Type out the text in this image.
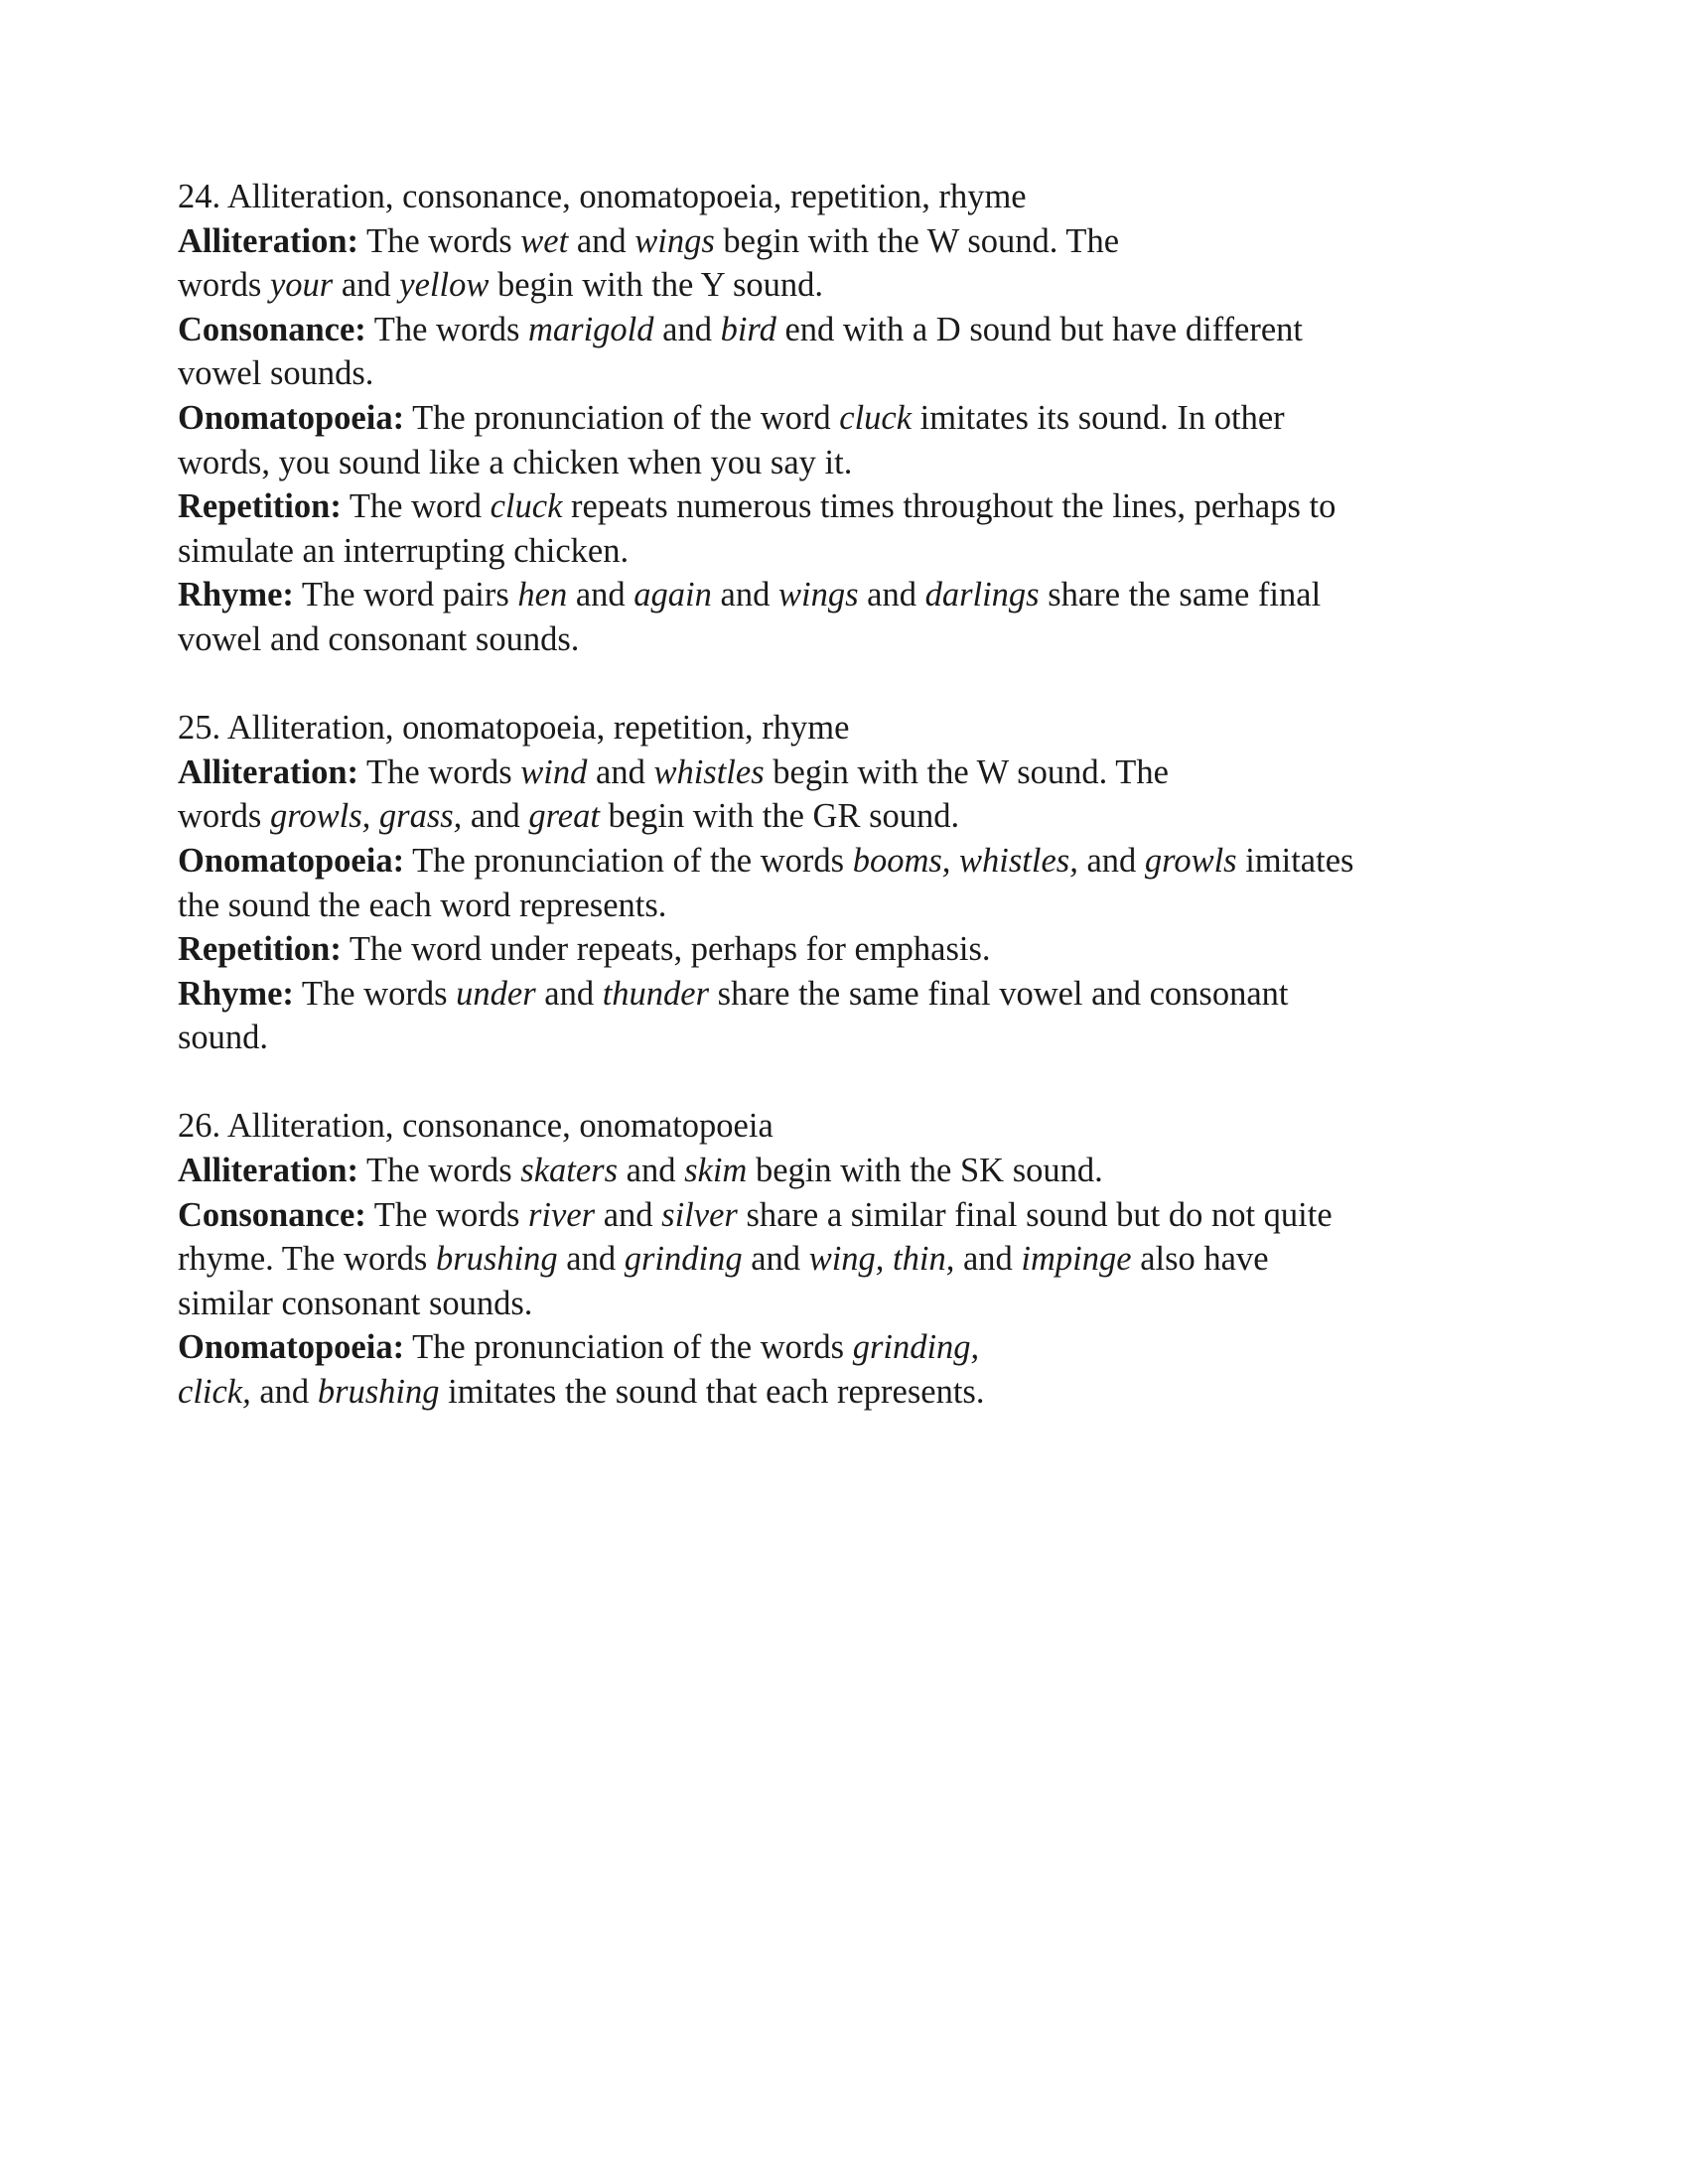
24. Alliteration, consonance, onomatopoeia, repetition, rhyme
Alliteration: The words wet and wings begin with the W sound. The
words your and yellow begin with the Y sound.
Consonance: The words marigold and bird end with a D sound but have different
vowel sounds.
Onomatopoeia: The pronunciation of the word cluck imitates its sound. In other
words, you sound like a chicken when you say it.
Repetition: The word cluck repeats numerous times throughout the lines, perhaps to
simulate an interrupting chicken.
Rhyme: The word pairs hen and again and wings and darlings share the same final
vowel and consonant sounds.
25. Alliteration, onomatopoeia, repetition, rhyme
Alliteration: The words wind and whistles begin with the W sound. The
words growls, grass, and great begin with the GR sound.
Onomatopoeia: The pronunciation of the words booms, whistles, and growls imitates
the sound the each word represents.
Repetition: The word under repeats, perhaps for emphasis.
Rhyme: The words under and thunder share the same final vowel and consonant
sound.
26. Alliteration, consonance, onomatopoeia
Alliteration: The words skaters and skim begin with the SK sound.
Consonance: The words river and silver share a similar final sound but do not quite
rhyme. The words brushing and grinding and wing, thin, and impinge also have
similar consonant sounds.
Onomatopoeia: The pronunciation of the words grinding,
click, and brushing imitates the sound that each represents.
